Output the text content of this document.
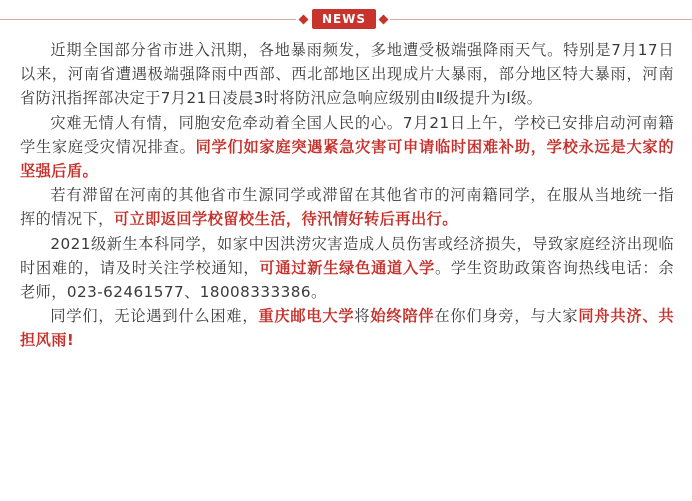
NEWS

近期全国部分省市进入汛期，各地暴雨频发，多地遭受极端强降雨天气。特别是7月17日以来，河南省遭遇极端强降雨中西部、西北部地区出现成片大暴雨，部分地区特大暴雨，河南省防汛指挥部决定于7月21日凌晨3时将防汛应急响应级别由Ⅱ级提升为Ⅰ级。

灾难无情人有情，同胞安危牵动着全国人民的心。7月21日上午，学校已安排启动河南籍学生家庭受灾情况排查。同学们如家庭突遇紧急灾害可申请临时困难补助，学校永远是大家的坚强后盾。

若有滞留在河南的其他省市生源同学或滞留在其他省市的河南籍同学，在服从当地统一指挥的情况下，可立即返回学校留校生活，待汛情好转后再出行。

2021级新生本科同学，如家中因洪涝灾害造成人员伤害或经济损失，导致家庭经济出现临时困难的，请及时关注学校通知，可通过新生绿色通道入学。学生资助政策咨询热线电话：余老师，023-62461577、18008333386。

同学们，无论遇到什么困难，重庆邮电大学将始终陪伴在你们身旁，与大家同舟共济、共担风雨!
